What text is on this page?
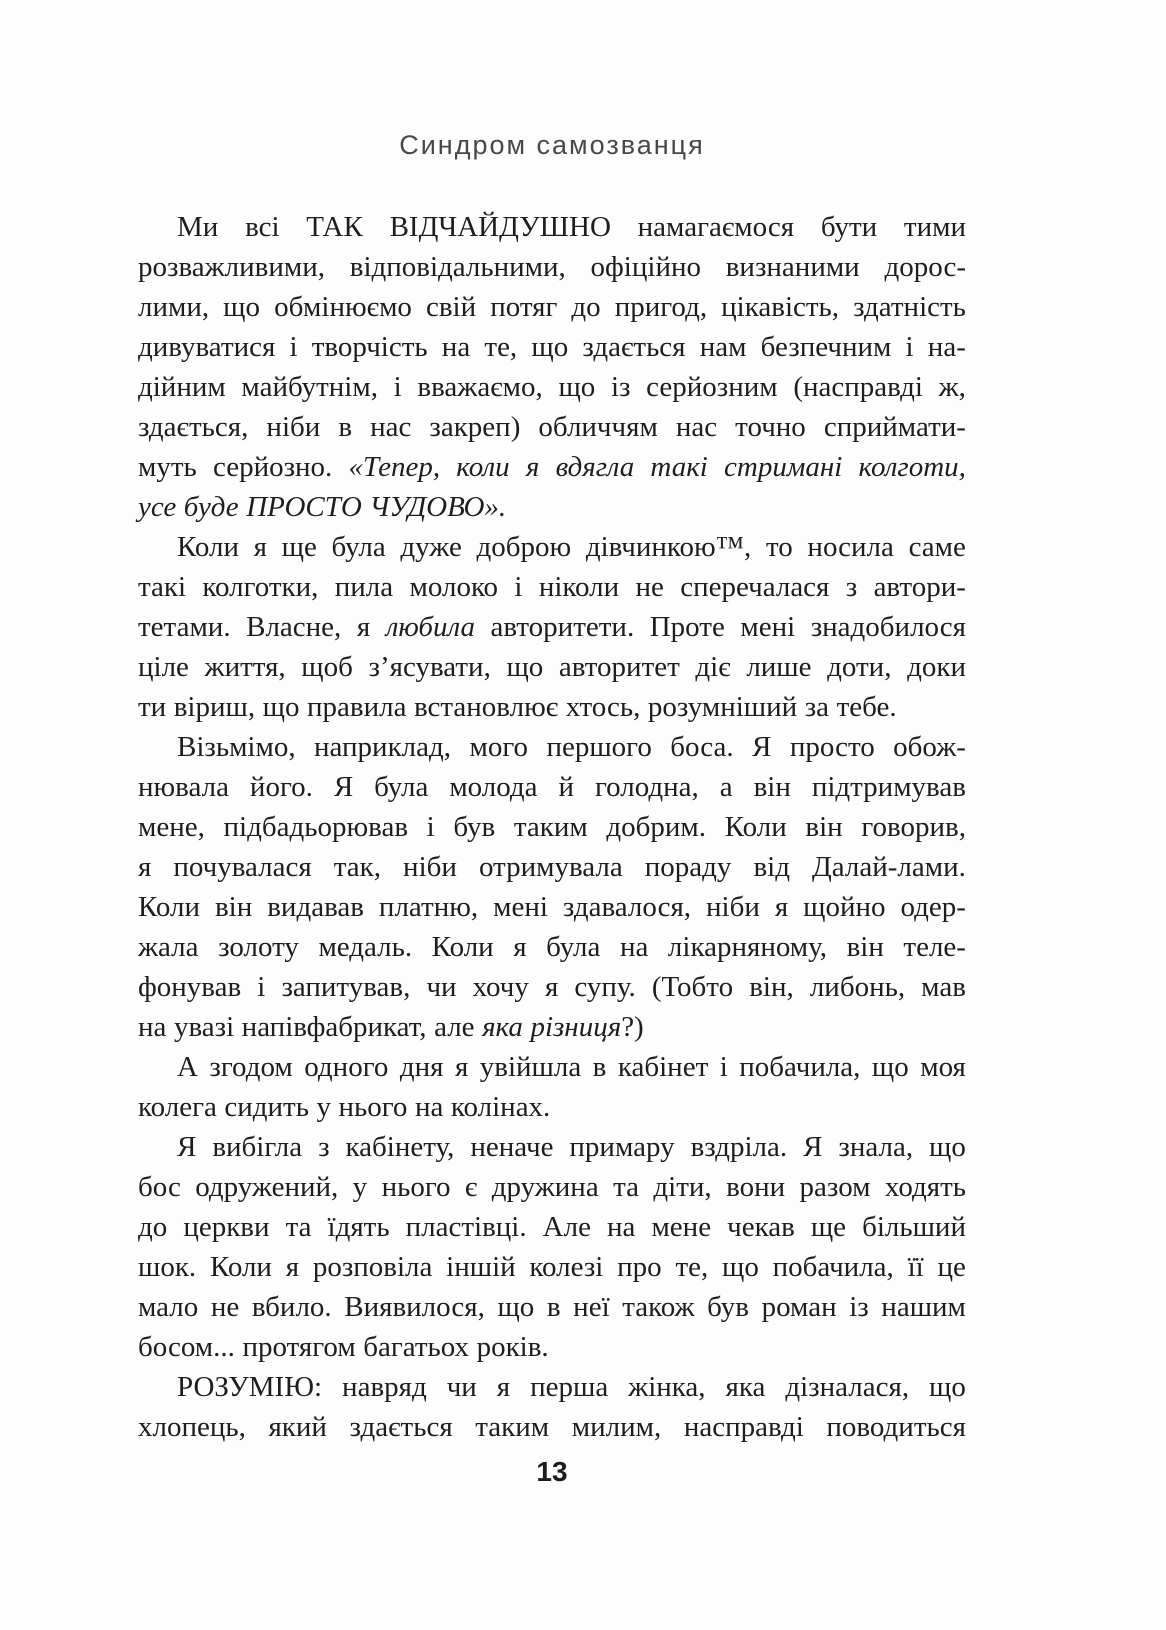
Синдром самозванця
Ми всі ТАК ВІДЧАЙДУШНО намагаємося бути тими
розважливими, відповідальними, офіційно визнаними дорос-
лими, що обмінюємо свій потяг до пригод, цікавість, здатність
дивуватися і творчість на те, що здається нам безпечним і на-
дійним майбутнім, і вважаємо, що із серйозним (насправді ж,
здається, ніби в нас закреп) обличчям нас точно сприймати-
муть серйозно. «Тепер, коли я вдягла такі стримані колготи,
усе буде ПРОСТО ЧУДОВО».
Коли я ще була дуже доброю дівчинкою™, то носила саме
такі колготки, пила молоко і ніколи не сперечалася з автори-
тетами. Власне, я любила авторитети. Проте мені знадобилося
ціле життя, щоб з’ясувати, що авторитет діє лише доти, доки
ти віриш, що правила встановлює хтось, розумніший за тебе.
Візьмімо, наприклад, мого першого боса. Я просто обож-
нювала його. Я була молода й голодна, а він підтримував
мене, підбадьорював і був таким добрим. Коли він говорив,
я почувалася так, ніби отримувала пораду від Далай-лами.
Коли він видавав платню, мені здавалося, ніби я щойно одер-
жала золоту медаль. Коли я була на лікарняному, він теле-
фонував і запитував, чи хочу я супу. (Тобто він, либонь, мав
на увазі напівфабрикат, але яка різниця?)
А згодом одного дня я увійшла в кабінет і побачила, що моя
колега сидить у нього на колінах.
Я вибігла з кабінету, неначе примару вздріла. Я знала, що
бос одружений, у нього є дружина та діти, вони разом ходять
до церкви та їдять пластівці. Але на мене чекав ще більший
шок. Коли я розповіла іншій колезі про те, що побачила, її це
мало не вбило. Виявилося, що в неї також був роман із нашим
босом... протягом багатьох років.
РОЗУМІЮ: навряд чи я перша жінка, яка дізналася, що
хлопець, який здається таким милим, насправді поводиться
13
